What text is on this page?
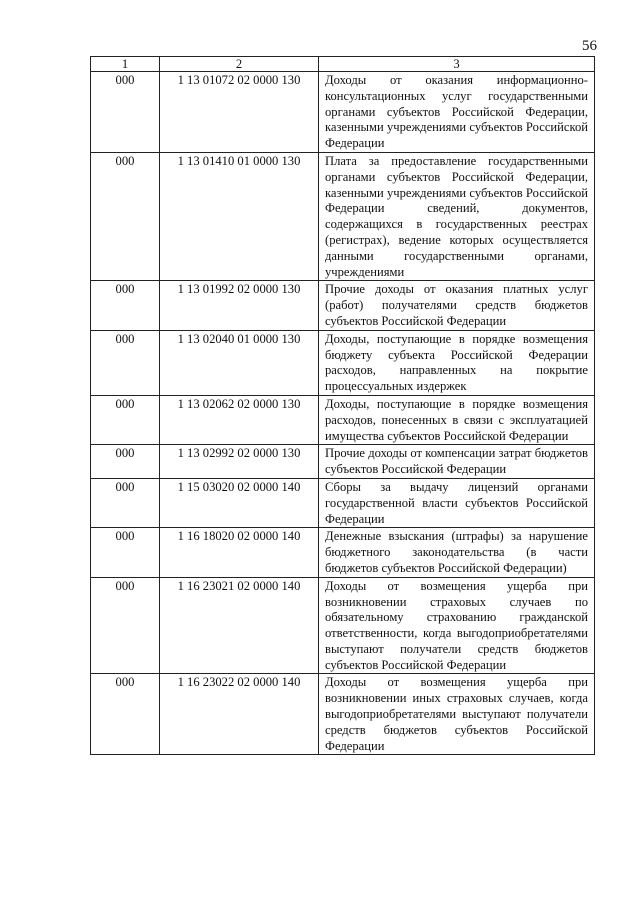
56
1	2	3
000	1 13 01072 02 0000 130	Доходы от оказания информационно-консультационных услуг государственными органами субъектов Российской Федерации, казенными учреждениями субъектов Российской Федерации
000	1 13 01410 01 0000 130	Плата за предоставление государственными органами субъектов Российской Федерации, казенными учреждениями субъектов Российской Федерации сведений, документов, содержащихся в государственных реестрах (регистрах), ведение которых осуществляется данными государственными органами, учреждениями
000	1 13 01992 02 0000 130	Прочие доходы от оказания платных услуг (работ) получателями средств бюджетов субъектов Российской Федерации
000	1 13 02040 01 0000 130	Доходы, поступающие в порядке возмещения бюджету субъекта Российской Федерации расходов, направленных на покрытие процессуальных издержек
000	1 13 02062 02 0000 130	Доходы, поступающие в порядке возмещения расходов, понесенных в связи с эксплуатацией имущества субъектов Российской Федерации
000	1 13 02992 02 0000 130	Прочие доходы от компенсации затрат бюджетов субъектов Российской Федерации
000	1 15 03020 02 0000 140	Сборы за выдачу лицензий органами государственной власти субъектов Российской Федерации
000	1 16 18020 02 0000 140	Денежные взыскания (штрафы) за нарушение бюджетного законодательства (в части бюджетов субъектов Российской Федерации)
000	1 16 23021 02 0000 140	Доходы от возмещения ущерба при возникновении страховых случаев по обязательному страхованию гражданской ответственности, когда выгодоприобретателями выступают получатели средств бюджетов субъектов Российской Федерации
000	1 16 23022 02 0000 140	Доходы от возмещения ущерба при возникновении иных страховых случаев, когда выгодоприобретателями выступают получатели средств бюджетов субъектов Российской Федерации
